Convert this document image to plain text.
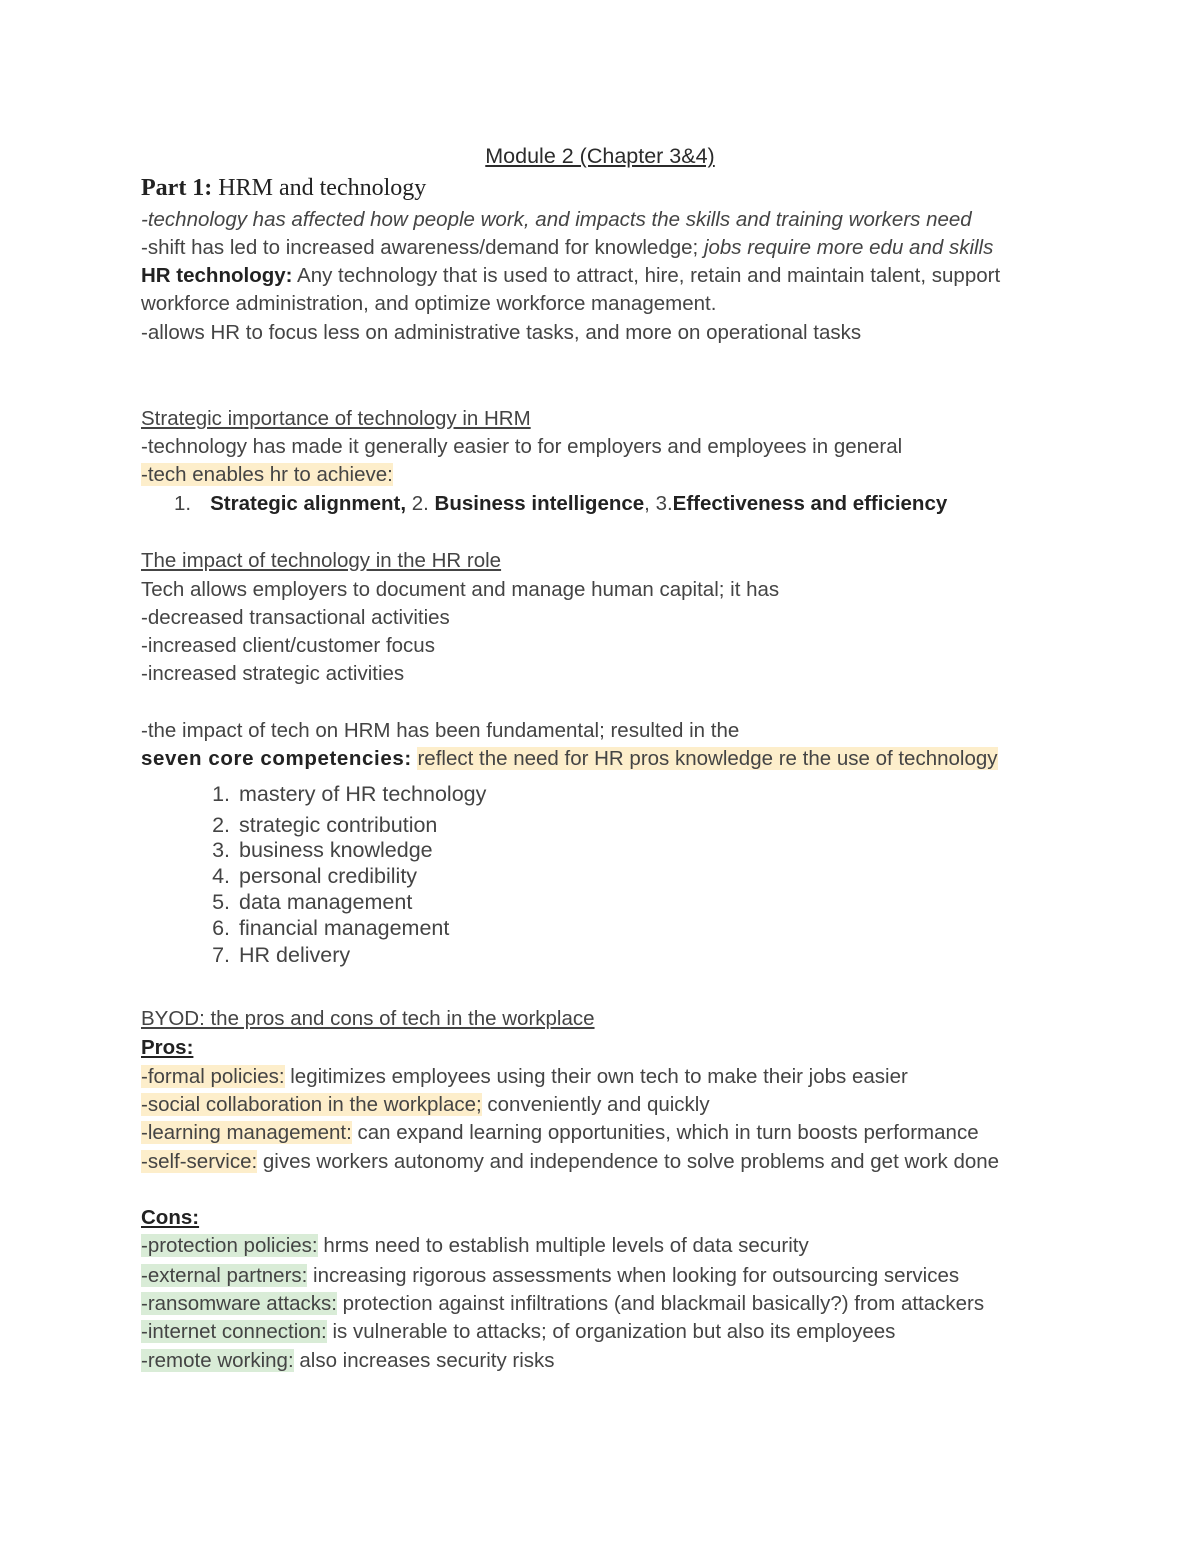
Module 2 (Chapter 3&4)
Part 1: HRM and technology
-technology has affected how people work, and impacts the skills and training workers need
-shift has led to increased awareness/demand for knowledge; jobs require more edu and skills
HR technology: Any technology that is used to attract, hire, retain and maintain talent, support
workforce administration, and optimize workforce management.
-allows HR to focus less on administrative tasks, and more on operational tasks
Strategic importance of technology in HRM
-technology has made it generally easier to for employers and employees in general
-tech enables hr to achieve:
1. Strategic alignment, 2. Business intelligence, 3.Effectiveness and efficiency
The impact of technology in the HR role
Tech allows employers to document and manage human capital; it has
-decreased transactional activities
-increased client/customer focus
-increased strategic activities
-the impact of tech on HRM has been fundamental; resulted in the
seven core competencies: reflect the need for HR pros knowledge re the use of technology
1. mastery of HR technology
2. strategic contribution
3. business knowledge
4. personal credibility
5. data management
6. financial management
7. HR delivery
BYOD: the pros and cons of tech in the workplace
Pros:
-formal policies: legitimizes employees using their own tech to make their jobs easier
-social collaboration in the workplace; conveniently and quickly
-learning management: can expand learning opportunities, which in turn boosts performance
-self-service: gives workers autonomy and independence to solve problems and get work done
Cons:
-protection policies: hrms need to establish multiple levels of data security
-external partners: increasing rigorous assessments when looking for outsourcing services
-ransomware attacks: protection against infiltrations (and blackmail basically?) from attackers
-internet connection: is vulnerable to attacks; of organization but also its employees
-remote working: also increases security risks
